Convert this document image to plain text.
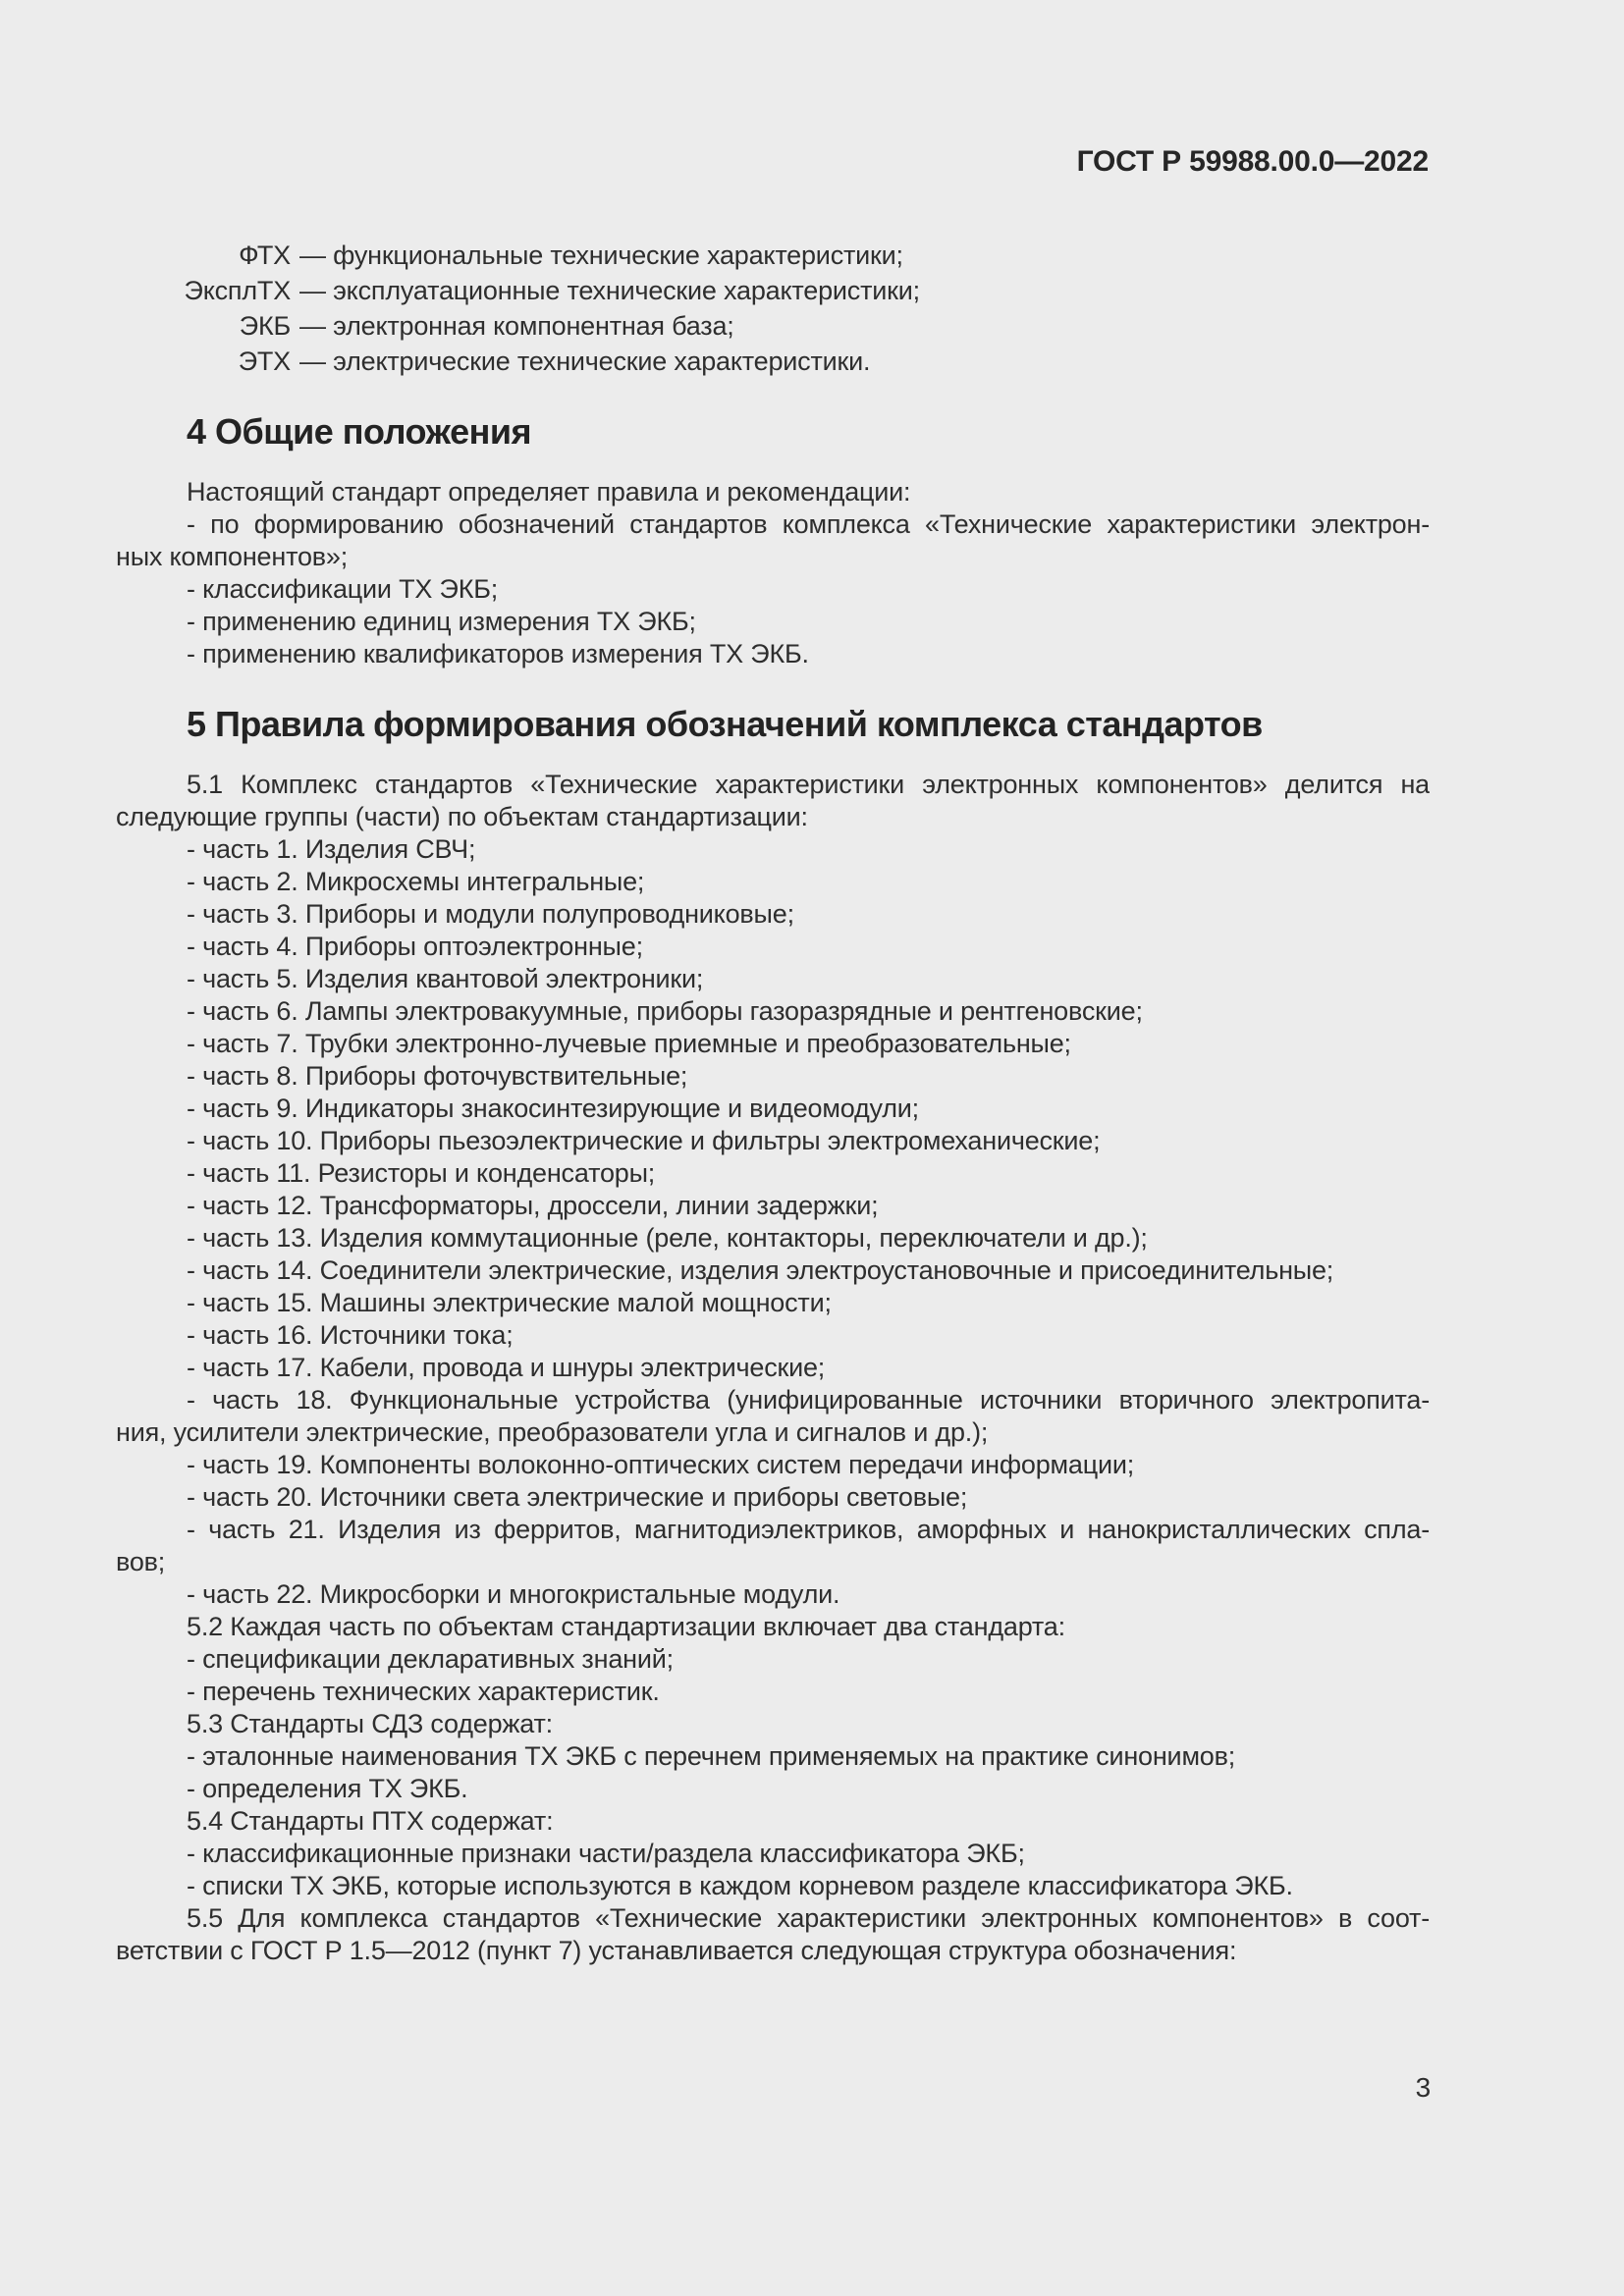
ГОСТ Р 59988.00.0—2022
ФТХ — функциональные технические характеристики;
ЭксплТХ — эксплуатационные технические характеристики;
ЭКБ — электронная компонентная база;
ЭТХ — электрические технические характеристики.
4 Общие положения
Настоящий стандарт определяет правила и рекомендации:
- по формированию обозначений стандартов комплекса «Технические характеристики электрон-
ных компонентов»;
- классификации ТХ ЭКБ;
- применению единиц измерения ТХ ЭКБ;
- применению квалификаторов измерения ТХ ЭКБ.
5 Правила формирования обозначений комплекса стандартов
5.1 Комплекс стандартов «Технические характеристики электронных компонентов» делится на
следующие группы (части) по объектам стандартизации:
- часть 1. Изделия СВЧ;
- часть 2. Микросхемы интегральные;
- часть 3. Приборы и модули полупроводниковые;
- часть 4. Приборы оптоэлектронные;
- часть 5. Изделия квантовой электроники;
- часть 6. Лампы электровакуумные, приборы газоразрядные и рентгеновские;
- часть 7. Трубки электронно-лучевые приемные и преобразовательные;
- часть 8. Приборы фоточувствительные;
- часть 9. Индикаторы знакосинтезирующие и видеомодули;
- часть 10. Приборы пьезоэлектрические и фильтры электромеханические;
- часть 11. Резисторы и конденсаторы;
- часть 12. Трансформаторы, дроссели, линии задержки;
- часть 13. Изделия коммутационные (реле, контакторы, переключатели и др.);
- часть 14. Соединители электрические, изделия электроустановочные и присоединительные;
- часть 15. Машины электрические малой мощности;
- часть 16. Источники тока;
- часть 17. Кабели, провода и шнуры электрические;
- часть 18. Функциональные устройства (унифицированные источники вторичного электропита-
ния, усилители электрические, преобразователи угла и сигналов и др.);
- часть 19. Компоненты волоконно-оптических систем передачи информации;
- часть 20. Источники света электрические и приборы световые;
- часть 21. Изделия из ферритов, магнитодиэлектриков, аморфных и нанокристаллических спла-
вов;
- часть 22. Микросборки и многокристальные модули.
5.2 Каждая часть по объектам стандартизации включает два стандарта:
- спецификации декларативных знаний;
- перечень технических характеристик.
5.3 Стандарты СДЗ содержат:
- эталонные наименования ТХ ЭКБ с перечнем применяемых на практике синонимов;
- определения ТХ ЭКБ.
5.4 Стандарты ПТХ содержат:
- классификационные признаки части/раздела классификатора ЭКБ;
- списки ТХ ЭКБ, которые используются в каждом корневом разделе классификатора ЭКБ.
5.5 Для комплекса стандартов «Технические характеристики электронных компонентов» в соот-
ветствии с ГОСТ Р 1.5—2012 (пункт 7) устанавливается следующая структура обозначения:
3
